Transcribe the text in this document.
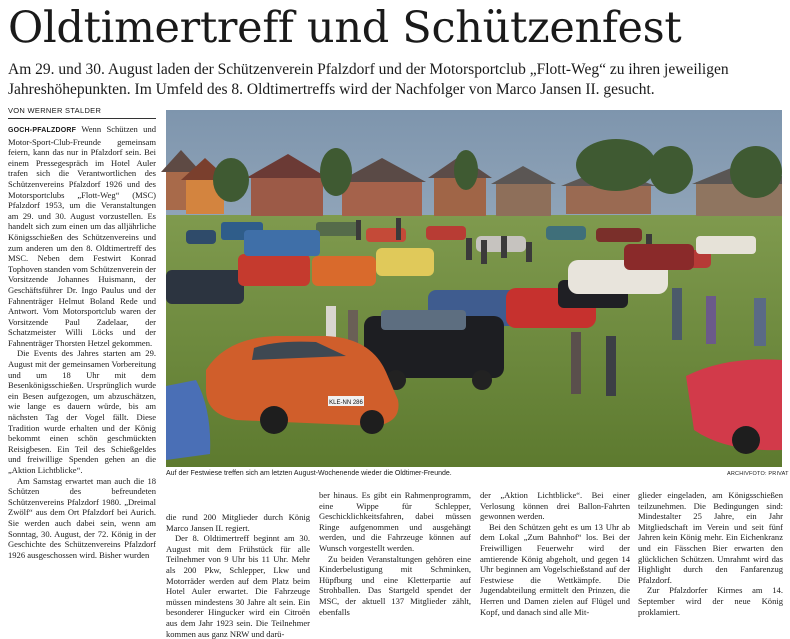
Oldtimertreff und Schützenfest
Am 29. und 30. August laden der Schützenverein Pfalzdorf und der Motorsportclub „Flott-Weg“ zu ihren jeweiligen Jahreshöhepunkten. Im Umfeld des 8. Oldtimertreffs wird der Nachfolger von Marco Jansen II. gesucht.
VON WERNER STALDER

GOCH-PFALZDORF Wenn Schützen und Motor-Sport-Club-Freunde gemeinsam feiern, kann das nur in Pfalzdorf sein. Bei einem Pressegespräch im Hotel Auler trafen sich die Verantwortlichen des Schützenvereins Pfalzdorf 1926 und des Motorsportclubs „Flott-Weg“ (MSC) Pfalzdorf 1953, um die Veranstaltungen am 29. und 30. August vorzustellen. Es handelt sich zum einen um das alljährliche Königsschießen des Schützenvereins und zum anderen um den 8. Oldtimertreff des MSC. Neben dem Festwirt Konrad Tophoven standen vom Schützenverein der Vorsitzende Johannes Huismann, der Geschäftsführer Dr. Ingo Paulus und der Fahnenträger Helmut Boland Rede und Antwort. Vom Motorsportclub waren der Vorsitzende Paul Zadelaar, der Schatzmeister Willi Löcks und der Fahnenträger Thorsten Hetzel gekommen.

Die Events des Jahres starten am 29. August mit der gemeinsamen Vorbereitung und um 18 Uhr mit dem Besenkönigsschießen. Ursprünglich wurde ein Besen aufgezogen, um abzuschätzen, wie lange es dauern würde, bis am nächsten Tag der Vogel fällt. Diese Tradition wurde erhalten und der König bekommt einen schön geschmückten Reisigbesen. Ein Teil des Schießgeldes und freiwillige Spenden gehen an die „Aktion Lichtblicke“.

Am Samstag erwartet man auch die 18 Schützen des befreundeten Schützenvereins Pfalzdorf 1980. „Dreimal Zwölf“ aus dem Ort Pfalzdorf bei Aurich. Sie werden auch dabei sein, wenn am Sonntag, 30. August, der 72. König in der Geschichte des Schützenvereins Pfalzdorf 1926 ausgeschossen wird. Bisher wurden

KLE-NN 286
Auf der Festwiese treffen sich am letzten August-Wochenende wieder die Oldtimer-Freunde.	ARCHIVFOTO: PRIVAT

die rund 200 Mitglieder durch König Marco Jansen II. regiert.

Der 8. Oldtimertreff beginnt am 30. August mit dem Frühstück für alle Teilnehmer von 9 Uhr bis 11 Uhr. Mehr als 200 Pkw, Schlepper, Lkw und Motorräder werden auf dem Platz beim Hotel Auler erwartet. Die Fahrzeuge müssen mindestens 30 Jahre alt sein. Ein besonderer Hingucker wird ein Citroën aus dem Jahr 1923 sein. Die Teilnehmer kommen aus ganz NRW und darü-

ber hinaus. Es gibt ein Rahmenprogramm, eine Wippe für Schlepper, Geschicklichkeitsfahren, dabei müssen Ringe aufgenommen und ausgehängt werden, und die Fahrzeuge können auf Wunsch vorgestellt werden.

Zu beiden Veranstaltungen gehören eine Kinderbelustigung mit Schminken, Hüpfburg und eine Kletterpartie auf Strohballen. Das Startgeld spendet der MSC, der aktuell 137 Mitglieder zählt, ebenfalls

der „Aktion Lichtblicke“. Bei einer Verlosung können drei Ballon-Fahrten gewonnen werden.

Bei den Schützen geht es um 13 Uhr ab dem Lokal „Zum Bahnhof“ los. Bei der Freiwilligen Feuerwehr wird der amtierende König abgeholt, und gegen 14 Uhr beginnen am Vogelschießstand auf der Festwiese die Wettkämpfe. Die Jugendabteilung ermittelt den Prinzen, die Herren und Damen zielen auf Flügel und Kopf, und danach sind alle Mit-

glieder eingeladen, am Königsschießen teilzunehmen. Die Bedingungen sind: Mindestalter 25 Jahre, ein Jahr Mitgliedschaft im Verein und seit fünf Jahren kein König mehr. Ein Eichenkranz und ein Fässchen Bier erwarten den glücklichen Schützen. Umrahmt wird das Highlight durch den Fanfarenzug Pfalzdorf.

Zur Pfalzdorfer Kirmes am 14. September wird der neue König proklamiert.
